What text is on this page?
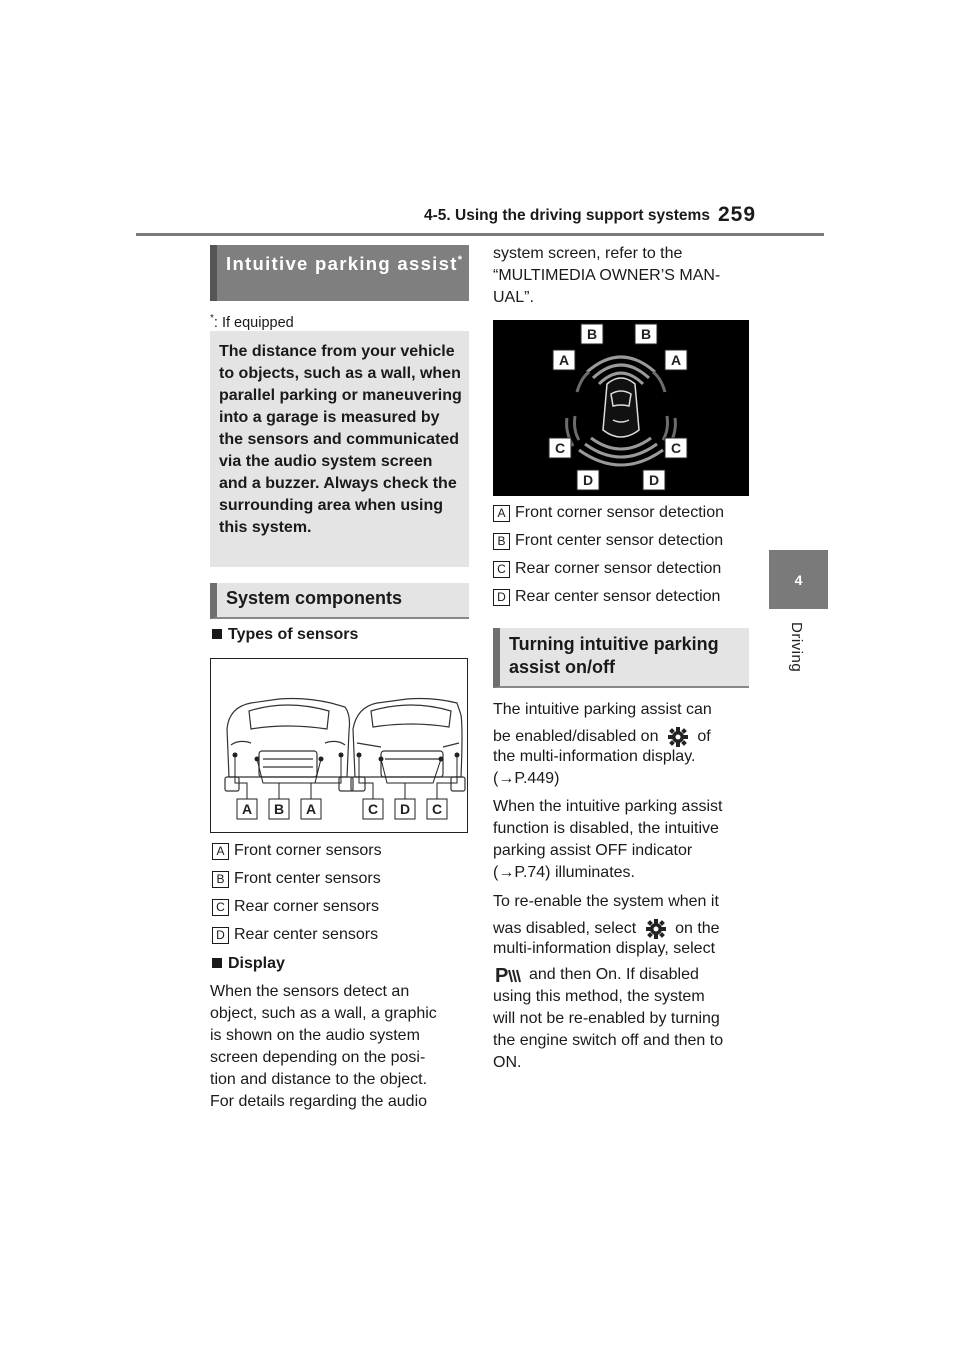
4-5. Using the driving support systems 259
4
Driving
Intuitive parking assist*
*: If equipped
The distance from your vehicle to objects, such as a wall, when parallel parking or maneuvering into a garage is measured by the sensors and communicated via the audio system screen and a buzzer. Always check the surrounding area when using this system.
System components
Types of sensors
A B A	C D C
A Front corner sensors
B Front center sensors
C Rear corner sensors
D Rear center sensors
Display
When the sensors detect an
object, such as a wall, a graphic
is shown on the audio system
screen depending on the posi-
tion and distance to the object.
For details regarding the audio
system screen, refer to the
“MULTIMEDIA OWNER’S MAN-
UAL”.
B	B
A	A
C	C
D	D
A Front corner sensor detection
B Front center sensor detection
C Rear corner sensor detection
D Rear center sensor detection
Turning intuitive parking
assist on/off
The intuitive parking assist can
be enabled/disabled on of
the multi-information display.
(→P.449)
When the intuitive parking assist
function is disabled, the intuitive
parking assist OFF indicator
(→P.74) illuminates.
To re-enable the system when it
was disabled, select on the
multi-information display, select
P and then On. If disabled
using this method, the system
will not be re-enabled by turning
the engine switch off and then to
ON.
